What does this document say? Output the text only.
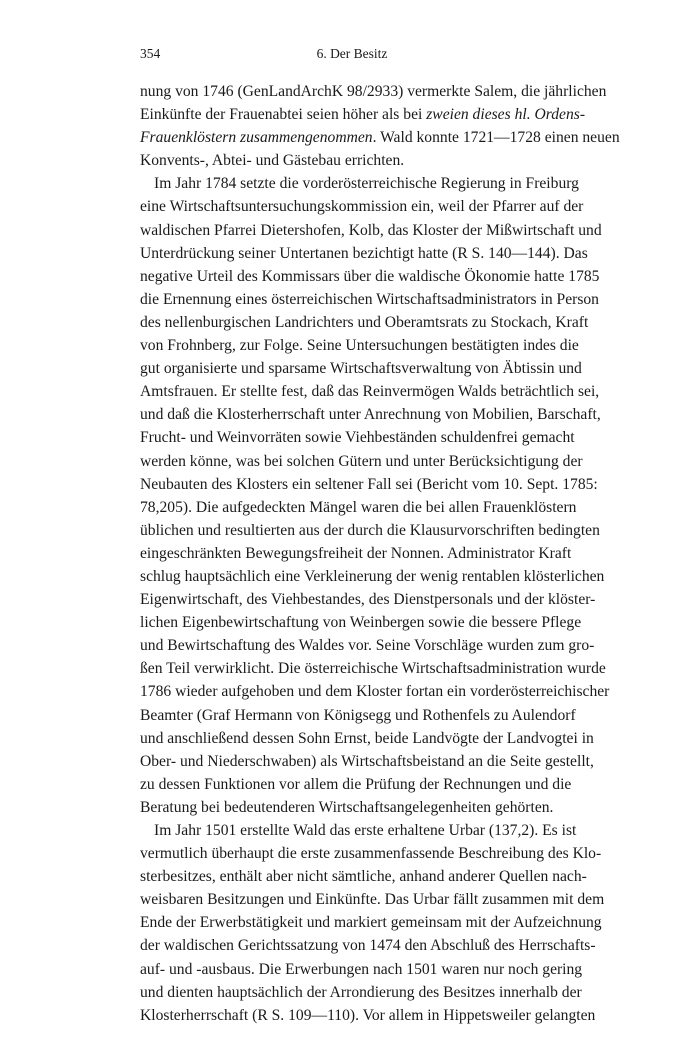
354	6. Der Besitz
nung von 1746 (GenLandArchK 98/2933) vermerkte Salem, die jährlichen
Einkünfte der Frauenabtei seien höher als bei zweien dieses hl. Ordens-
Frauenklöstern zusammengenommen. Wald konnte 1721—1728 einen neuen
Konvents-, Abtei- und Gästebau errichten.
Im Jahr 1784 setzte die vorderösterreichische Regierung in Freiburg
eine Wirtschaftsuntersuchungskommission ein, weil der Pfarrer auf der
waldischen Pfarrei Dietershofen, Kolb, das Kloster der Mißwirtschaft und
Unterdrückung seiner Untertanen bezichtigt hatte (R S. 140—144). Das
negative Urteil des Kommissars über die waldische Ökonomie hatte 1785
die Ernennung eines österreichischen Wirtschaftsadministrators in Person
des nellenburgischen Landrichters und Oberamtsrats zu Stockach, Kraft
von Frohnberg, zur Folge. Seine Untersuchungen bestätigten indes die
gut organisierte und sparsame Wirtschaftsverwaltung von Äbtissin und
Amtsfrauen. Er stellte fest, daß das Reinvermögen Walds beträchtlich sei,
und daß die Klosterherrschaft unter Anrechnung von Mobilien, Barschaft,
Frucht- und Weinvorräten sowie Viehbeständen schuldenfrei gemacht
werden könne, was bei solchen Gütern und unter Berücksichtigung der
Neubauten des Klosters ein seltener Fall sei (Bericht vom 10. Sept. 1785:
78,205). Die aufgedeckten Mängel waren die bei allen Frauenklöstern
üblichen und resultierten aus der durch die Klausurvorschriften bedingten
eingeschränkten Bewegungsfreiheit der Nonnen. Administrator Kraft
schlug hauptsächlich eine Verkleinerung der wenig rentablen klösterlichen
Eigenwirtschaft, des Viehbestandes, des Dienstpersonals und der klöster-
lichen Eigenbewirtschaftung von Weinbergen sowie die bessere Pflege
und Bewirtschaftung des Waldes vor. Seine Vorschläge wurden zum gro-
ßen Teil verwirklicht. Die österreichische Wirtschaftsadministration wurde
1786 wieder aufgehoben und dem Kloster fortan ein vorderösterreichischer
Beamter (Graf Hermann von Königsegg und Rothenfels zu Aulendorf
und anschließend dessen Sohn Ernst, beide Landvögte der Landvogtei in
Ober- und Niederschwaben) als Wirtschaftsbeistand an die Seite gestellt,
zu dessen Funktionen vor allem die Prüfung der Rechnungen und die
Beratung bei bedeutenderen Wirtschaftsangelegenheiten gehörten.
Im Jahr 1501 erstellte Wald das erste erhaltene Urbar (137,2). Es ist
vermutlich überhaupt die erste zusammenfassende Beschreibung des Klo-
sterbesitzes, enthält aber nicht sämtliche, anhand anderer Quellen nach-
weisbaren Besitzungen und Einkünfte. Das Urbar fällt zusammen mit dem
Ende der Erwerbstätigkeit und markiert gemeinsam mit der Aufzeichnung
der waldischen Gerichtssatzung von 1474 den Abschluß des Herrschafts-
auf- und -ausbaus. Die Erwerbungen nach 1501 waren nur noch gering
und dienten hauptsächlich der Arrondierung des Besitzes innerhalb der
Klosterherrschaft (R S. 109—110). Vor allem in Hippetsweiler gelangten
